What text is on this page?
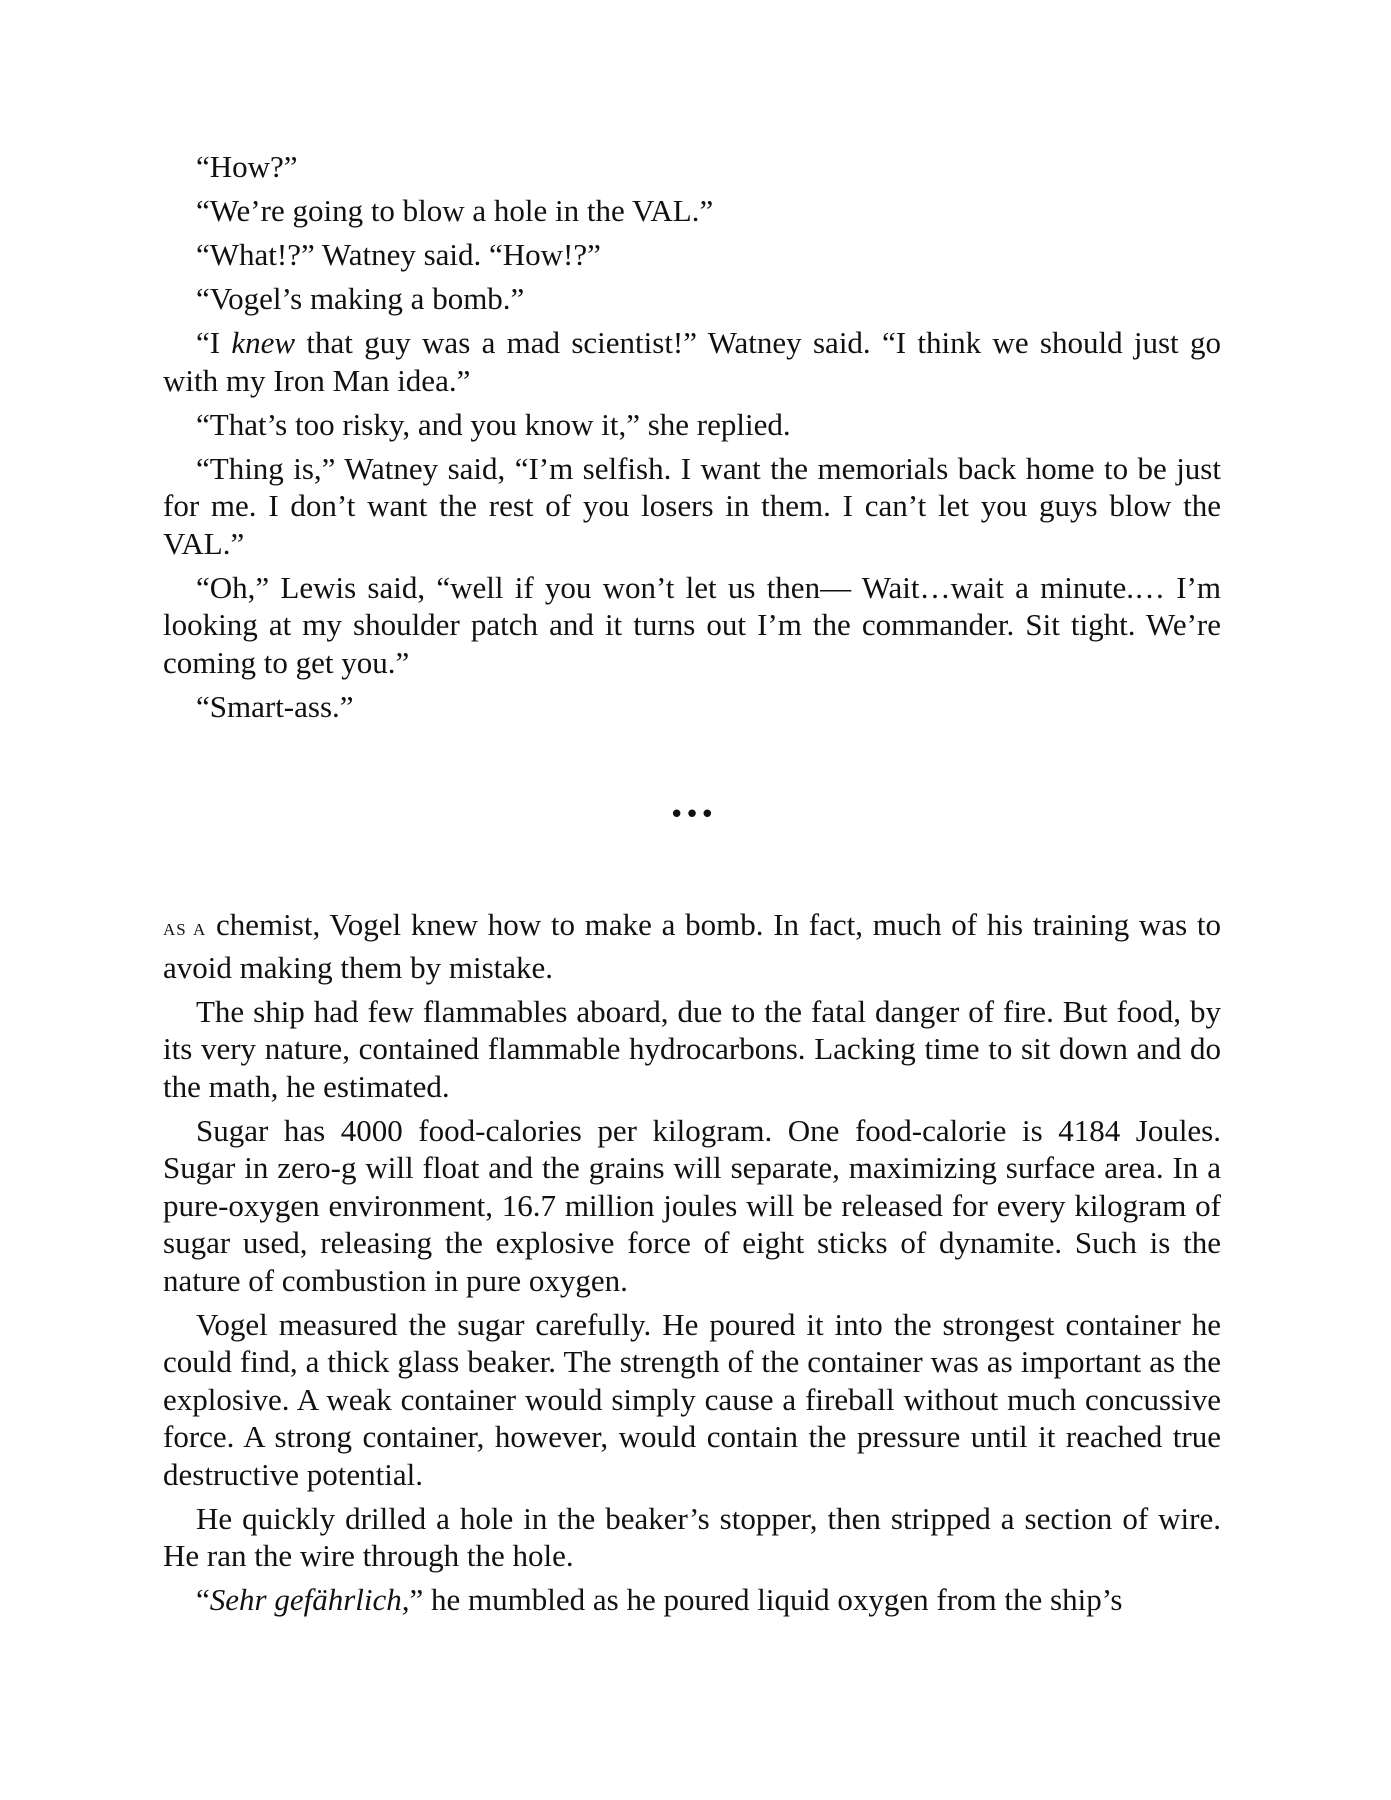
“How?”

“We’re going to blow a hole in the VAL.”

“What!?” Watney said. “How!?”

“Vogel’s making a bomb.”

“I knew that guy was a mad scientist!” Watney said. “I think we should just go with my Iron Man idea.”

“That’s too risky, and you know it,” she replied.

“Thing is,” Watney said, “I’m selfish. I want the memorials back home to be just for me. I don’t want the rest of you losers in them. I can’t let you guys blow the VAL.”

“Oh,” Lewis said, “well if you won’t let us then— Wait…wait a minute.… I’m looking at my shoulder patch and it turns out I’m the commander. Sit tight. We’re coming to get you.”

“Smart-ass.”

•••

AS A chemist, Vogel knew how to make a bomb. In fact, much of his training was to avoid making them by mistake.

The ship had few flammables aboard, due to the fatal danger of fire. But food, by its very nature, contained flammable hydrocarbons. Lacking time to sit down and do the math, he estimated.

Sugar has 4000 food-calories per kilogram. One food-calorie is 4184 Joules. Sugar in zero-g will float and the grains will separate, maximizing surface area. In a pure-oxygen environment, 16.7 million joules will be released for every kilogram of sugar used, releasing the explosive force of eight sticks of dynamite. Such is the nature of combustion in pure oxygen.

Vogel measured the sugar carefully. He poured it into the strongest container he could find, a thick glass beaker. The strength of the container was as important as the explosive. A weak container would simply cause a fireball without much concussive force. A strong container, however, would contain the pressure until it reached true destructive potential.

He quickly drilled a hole in the beaker’s stopper, then stripped a section of wire. He ran the wire through the hole.

“Sehr gefährlich,” he mumbled as he poured liquid oxygen from the ship’s
